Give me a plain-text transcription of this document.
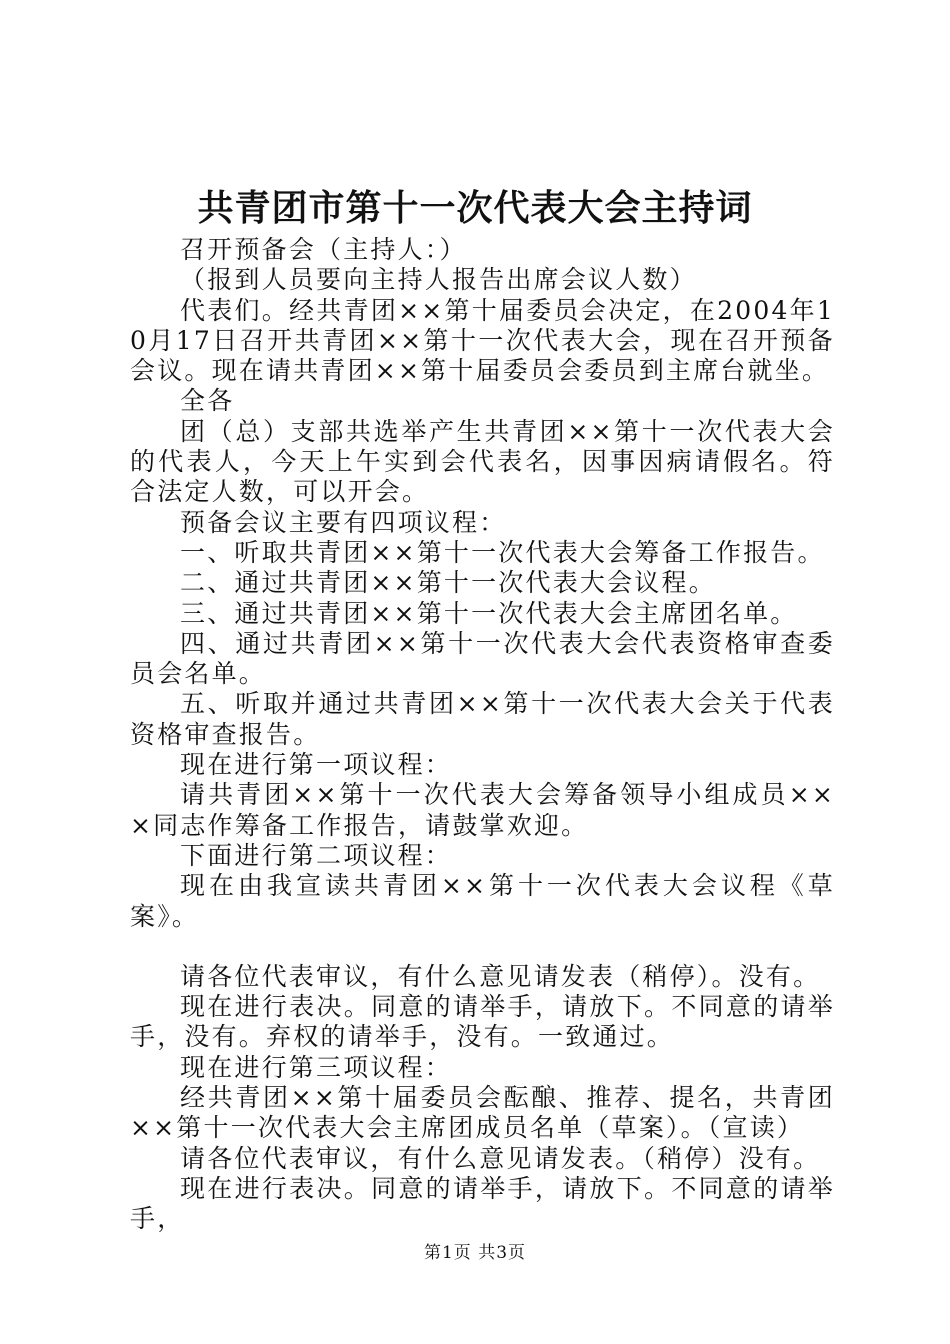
共青团市第十一次代表大会主持词

召开预备会（主持人：）

（报到人员要向主持人报告出席会议人数）

代表们。经共青团××第十届委员会决定，在2004年10月17日召开共青团××第十一次代表大会，现在召开预备会议。现在请共青团××第十届委员会委员到主席台就坐。

全各

团（总）支部共选举产生共青团××第十一次代表大会的代表人，今天上午实到会代表名，因事因病请假名。符合法定人数，可以开会。

预备会议主要有四项议程：

一、听取共青团××第十一次代表大会筹备工作报告。

二、通过共青团××第十一次代表大会议程。

三、通过共青团××第十一次代表大会主席团名单。

四、通过共青团××第十一次代表大会代表资格审查委员会名单。

五、听取并通过共青团××第十一次代表大会关于代表资格审查报告。

现在进行第一项议程：

请共青团××第十一次代表大会筹备领导小组成员×××同志作筹备工作报告，请鼓掌欢迎。

下面进行第二项议程：

现在由我宣读共青团××第十一次代表大会议程《草案》。

请各位代表审议，有什么意见请发表（稍停）。没有。

现在进行表决。同意的请举手，请放下。不同意的请举手，没有。弃权的请举手，没有。一致通过。

现在进行第三项议程：

经共青团××第十届委员会酝酿、推荐、提名，共青团××第十一次代表大会主席团成员名单（草案）。（宣读）

请各位代表审议，有什么意见请发表。（稍停）没有。

现在进行表决。同意的请举手，请放下。不同意的请举手，

第1页 共3页
